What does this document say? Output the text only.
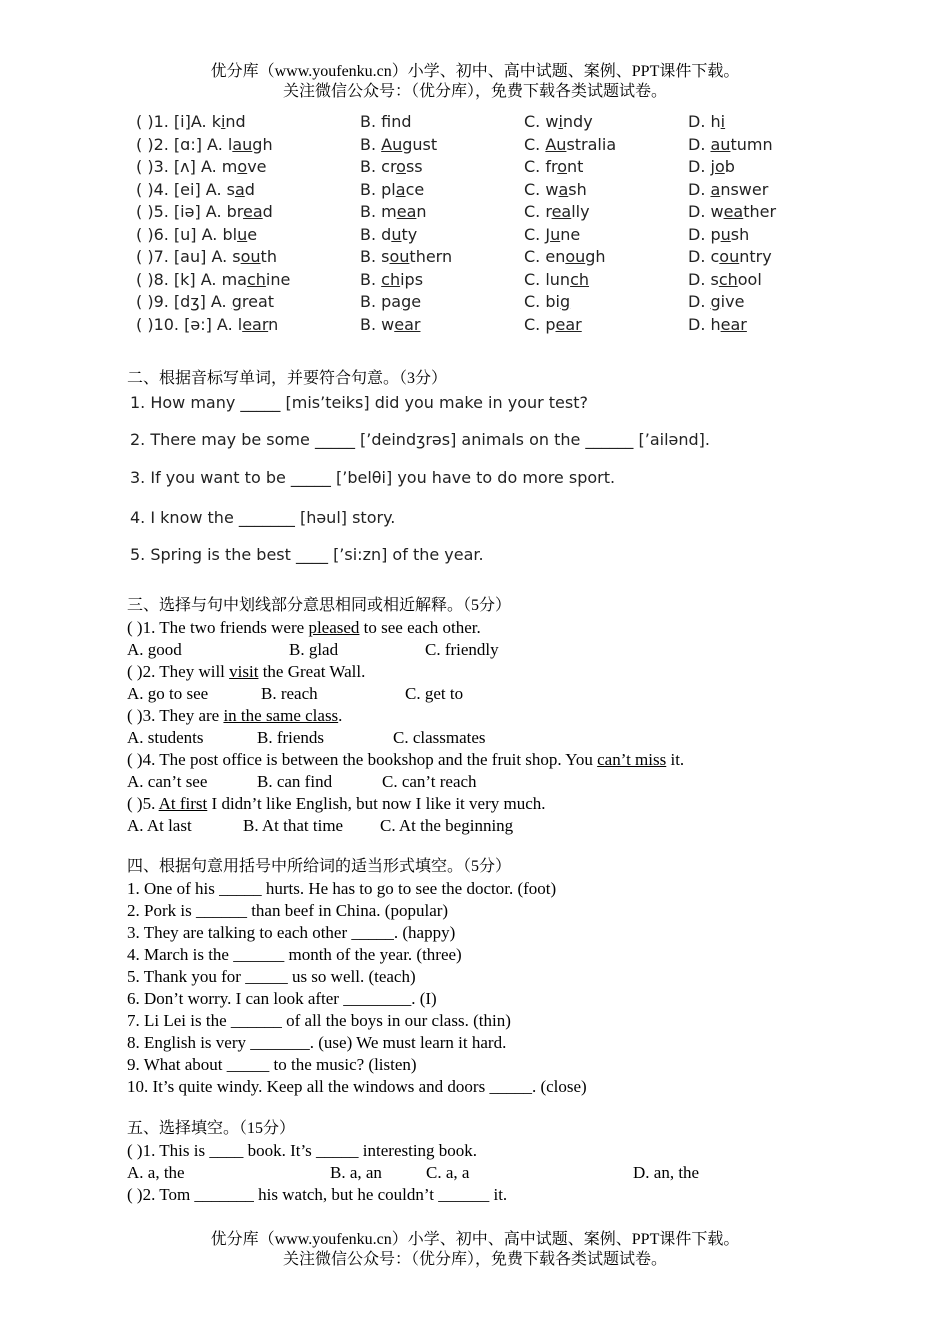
优分库（www.youfenku.cn）小学、初中、高中试题、案例、PPT课件下载。
关注微信公众号：（优分库），免费下载各类试题试卷。
( )1. [i]A. kind	B. fnd	C. windy	D. hi
( )2. [ɑ:] A. laugh	B. August	C. Australia	D. autumn
( )3. [ʌ] A. move	B. cross	C. front	D. job
( )4. [ei] A. sad	B. place	C. wash	D. answer
( )5. [iə] A. bread	B. mean	C. really	D. weather
( )6. [u] A. blue	B. duty	C. June	D. push
( )7. [au] A. south	B. southern	C. enough	D. country
( )8. [k] A. machine	B. chips	C. lunch	D. school
( )9. [dʒ] A. great	B. page	C. big	D. give
( )10. [ə:] A. learn	B. wear	C. pear	D. hear
二、根据音标写单词，并要符合句意。（3分）
1. How many _____ [mis’teiks] did you make in your test?
2. There may be some _____ [’deindʒrəs] animals on the ______ [’ailənd].
3. If you want to be _____ [’belθi] you have to do more sport.
4. I know the _______ [həul] story.
5. Spring is the best ____ [’si:zn] of the year.
三、选择与句中划线部分意思相同或相近解释。（5分）
( )1. The two friends were pleased to see each other.
A. good	B. glad	C. friendly
( )2. They will visit the Great Wall.
A. go to see	B. reach	C. get to
( )3. They are in the same class.
A. students	B. friends	C. classmates
( )4. The post office is between the bookshop and the fruit shop. You can’t miss it.
A. can’t see	B. can find	C. can’t reach
( )5. At first I didn’t like English, but now I like it very much.
A. At last	B. At that time C. At the beginning
四、根据句意用括号中所给词的适当形式填空。（5分）
1. One of his _____ hurts. He has to go to see the doctor. (foot)
2. Pork is ______ than beef in China. (popular)
3. They are talking to each other _____. (happy)
4. March is the ______ month of the year. (three)
5. Thank you for _____ us so well. (teach)
6. Don’t worry. I can look after ________. (I)
7. Li Lei is the ______ of all the boys in our class. (thin)
8. English is very _______. (use) We must learn it hard.
9. What about _____ to the music? (listen)
10. It’s quite windy. Keep all the windows and doors _____. (close)
五、选择填空。（15分）
( )1. This is ____ book. It’s _____ interesting book.
A. a, the	B. a, an	C. a, a	D. an, the
( )2. Tom _______ his watch, but he couldn’t ______ it.
优分库（www.youfenku.cn）小学、初中、高中试题、案例、PPT课件下载。
关注微信公众号：（优分库），免费下载各类试题试卷。
